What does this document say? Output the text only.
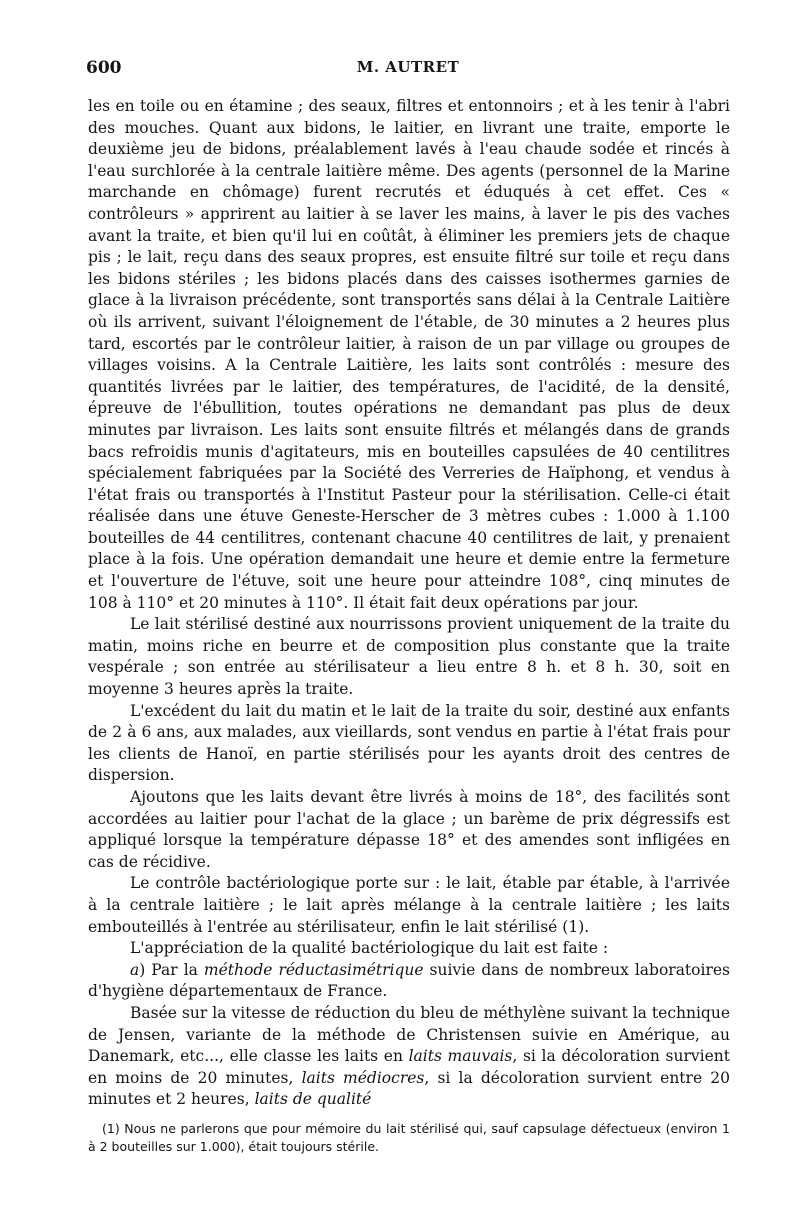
600	M. AUTRET

les en toile ou en étamine ; des seaux, filtres et entonnoirs ; et à les tenir à l'abri des mouches. Quant aux bidons, le laitier, en livrant une traite, emporte le deuxième jeu de bidons, préalablement lavés à l'eau chaude sodée et rincés à l'eau surchlorée à la centrale laitière même. Des agents (personnel de la Marine marchande en chômage) furent recrutés et éduqués à cet effet. Ces « contrôleurs » apprirent au laitier à se laver les mains, à laver le pis des vaches avant la traite, et bien qu'il lui en coûtât, à éliminer les premiers jets de chaque pis ; le lait, reçu dans des seaux propres, est ensuite filtré sur toile et reçu dans les bidons stériles ; les bidons placés dans des caisses isothermes garnies de glace à la livraison précédente, sont transportés sans délai à la Centrale Laitière où ils arrivent, suivant l'éloignement de l'étable, de 30 minutes a 2 heures plus tard, escortés par le contrôleur laitier, à raison de un par village ou groupes de villages voisins. A la Centrale Laitière, les laits sont contrôlés : mesure des quantités livrées par le laitier, des températures, de l'acidité, de la densité, épreuve de l'ébullition, toutes opérations ne demandant pas plus de deux minutes par livraison. Les laits sont ensuite filtrés et mélangés dans de grands bacs refroidis munis d'agitateurs, mis en bouteilles capsulées de 40 centilitres spécialement fabriquées par la Société des Verreries de Haïphong, et vendus à l'état frais ou transportés à l'Institut Pasteur pour la stérilisation. Celle-ci était réalisée dans une étuve Geneste-Herscher de 3 mètres cubes : 1.000 à 1.100 bouteilles de 44 centilitres, contenant chacune 40 centilitres de lait, y prenaient place à la fois. Une opération demandait une heure et demie entre la fermeture et l'ouverture de l'étuve, soit une heure pour atteindre 108°, cinq minutes de 108 à 110° et 20 minutes à 110°. Il était fait deux opérations par jour.

Le lait stérilisé destiné aux nourrissons provient uniquement de la traite du matin, moins riche en beurre et de composition plus constante que la traite vespérale ; son entrée au stérilisateur a lieu entre 8 h. et 8 h. 30, soit en moyenne 3 heures après la traite.

L'excédent du lait du matin et le lait de la traite du soir, destiné aux enfants de 2 à 6 ans, aux malades, aux vieillards, sont vendus en partie à l'état frais pour les clients de Hanoï, en partie stérilisés pour les ayants droit des centres de dispersion.

Ajoutons que les laits devant être livrés à moins de 18°, des facilités sont accordées au laitier pour l'achat de la glace ; un barème de prix dégressifs est appliqué lorsque la température dépasse 18° et des amendes sont infligées en cas de récidive.

Le contrôle bactériologique porte sur : le lait, étable par étable, à l'arrivée à la centrale laitière ; le lait après mélange à la centrale laitière ; les laits embouteillés à l'entrée au stérilisateur, enfin le lait stérilisé (1).

L'appréciation de la qualité bactériologique du lait est faite :

a) Par la méthode réductasimétrique suivie dans de nombreux laboratoires d'hygiène départementaux de France.

Basée sur la vitesse de réduction du bleu de méthylène suivant la technique de Jensen, variante de la méthode de Christensen suivie en Amérique, au Danemark, etc..., elle classe les laits en laits mauvais, si la décoloration survient en moins de 20 minutes, laits médiocres, si la décoloration survient entre 20 minutes et 2 heures, laits de qualité

(1) Nous ne parlerons que pour mémoire du lait stérilisé qui, sauf capsulage défectueux (environ 1 à 2 bouteilles sur 1.000), était toujours stérile.
